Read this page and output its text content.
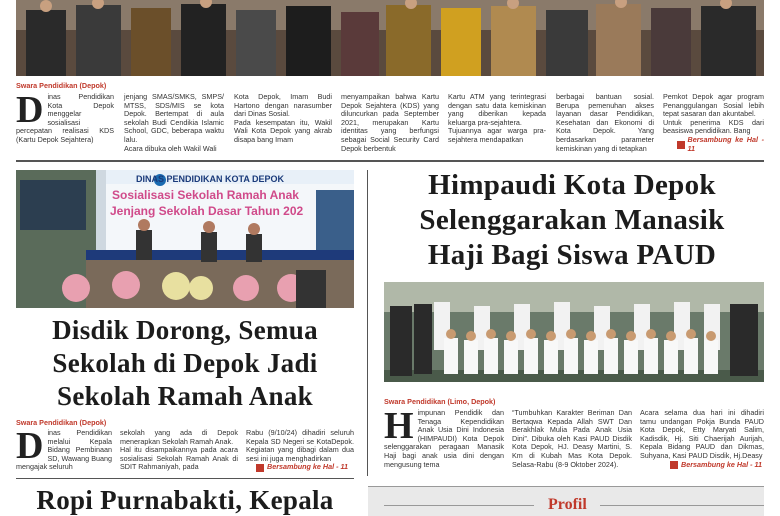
Swara Pendidikan (Depok)
D inas Pendidikan Kota Depok menggelar sosialisasi percepatan realisasi KDS (Kartu Depok Sejahtera)
jenjang SMAS/SMKS, SMPS/ MTSS, SDS/MIS se kota Depok. Bertempat di aula sekolah Budi Cendikia Islamic School, GDC, beberapa waktu lalu.
Acara dibuka oleh Wakil Wali
Kota Depok, Imam Budi Hartono dengan narasumber dari Dinas Sosial.
Pada kesempatan itu, Wakil Wali Kota Depok yang akrab disapa bang Imam
menyampaikan bahwa Kartu Depok Sejahtera (KDS) yang diluncurkan pada September 2021, merupakan Kartu identitas yang berfungsi sebagai Social Security Card Depok berbentuk
Kartu ATM yang terintegrasi dengan satu data kemiskinan yang diberikan kepada keluarga pra-sejahtera.
Tujuannya agar warga pra-sejahtera mendapatkan
berbagai bantuan sosial. Berupa pemenuhan akses layanan dasar Pendidikan, Kesehatan dan Ekonomi di Kota Depok. Yang berdasarkan parameter kemiskinan yang di tetapkan
Pemkot Depok agar program Penanggulangan Sosial lebih tepat sasaran dan akuntabel.
Untuk penerima KDS dari beasiswa pendidikan. Bang

Bersambung ke Hal - 11
DINAS PENDIDIKAN KOTA DEPOK
Sosialisasi Sekolah Ramah Anak
Jenjang Sekolah Dasar Tahun 202
Disdik Dorong, Semua
Sekolah di Depok Jadi
Sekolah Ramah Anak
Swara Pendidikan (Depok)
D inas Pendidikan melalui Kepala Bidang Pembinaan SD, Wawang Buang mengajak seluruh
sekolah yang ada di Depok menerapkan Sekolah Ramah Anak.
Hal itu disampaikannya pada acara sosialisasi Sekolah Ramah Anak di SDIT Rahmaniyah, pada
Rabu (9/10/24) dihadiri seluruh Kepala SD Negeri se KotaDepok. Kegiatan yang dibagi dalam dua sesi ini juga menghadirkan

Bersambung ke Hal - 11
Ropi Purnabakti, Kepala
Himpaudi Kota Depok
Selenggarakan Manasik
Haji Bagi Siswa PAUD
Swara Pendidikan (Limo, Depok)
H impunan Pendidik dan Tenaga Kependidikan Anak Usia Dini Indonesia (HIMPAUDI) Kota Depok selenggarakan peragaan Manasik Haji bagi anak usia dini dengan mengusung tema
“Tumbuhkan Karakter Beriman Dan Bertaqwa Kepada Allah SWT Dan Berakhlak Mulia Pada Anak Usia Dini”. Dibuka oleh Kasi PAUD Disdik Kota Depok, HJ. Deasy Martini, S. Km di Kubah Mas Kota Depok. Selasa-Rabu (8-9 Oktober 2024).
Acara selama dua hari ini dihadiri tamu undangan Pokja Bunda PAUD Kota Depok, Etty Maryati Salim, Kadisdik, Hj. Siti Chaerijah Aurijah, Kepala Bidang PAUD dan Dikmas, Suhyana, Kasi PAUD Disdik, Hj.Deasy

Bersambung ke Hal - 11
Profil
